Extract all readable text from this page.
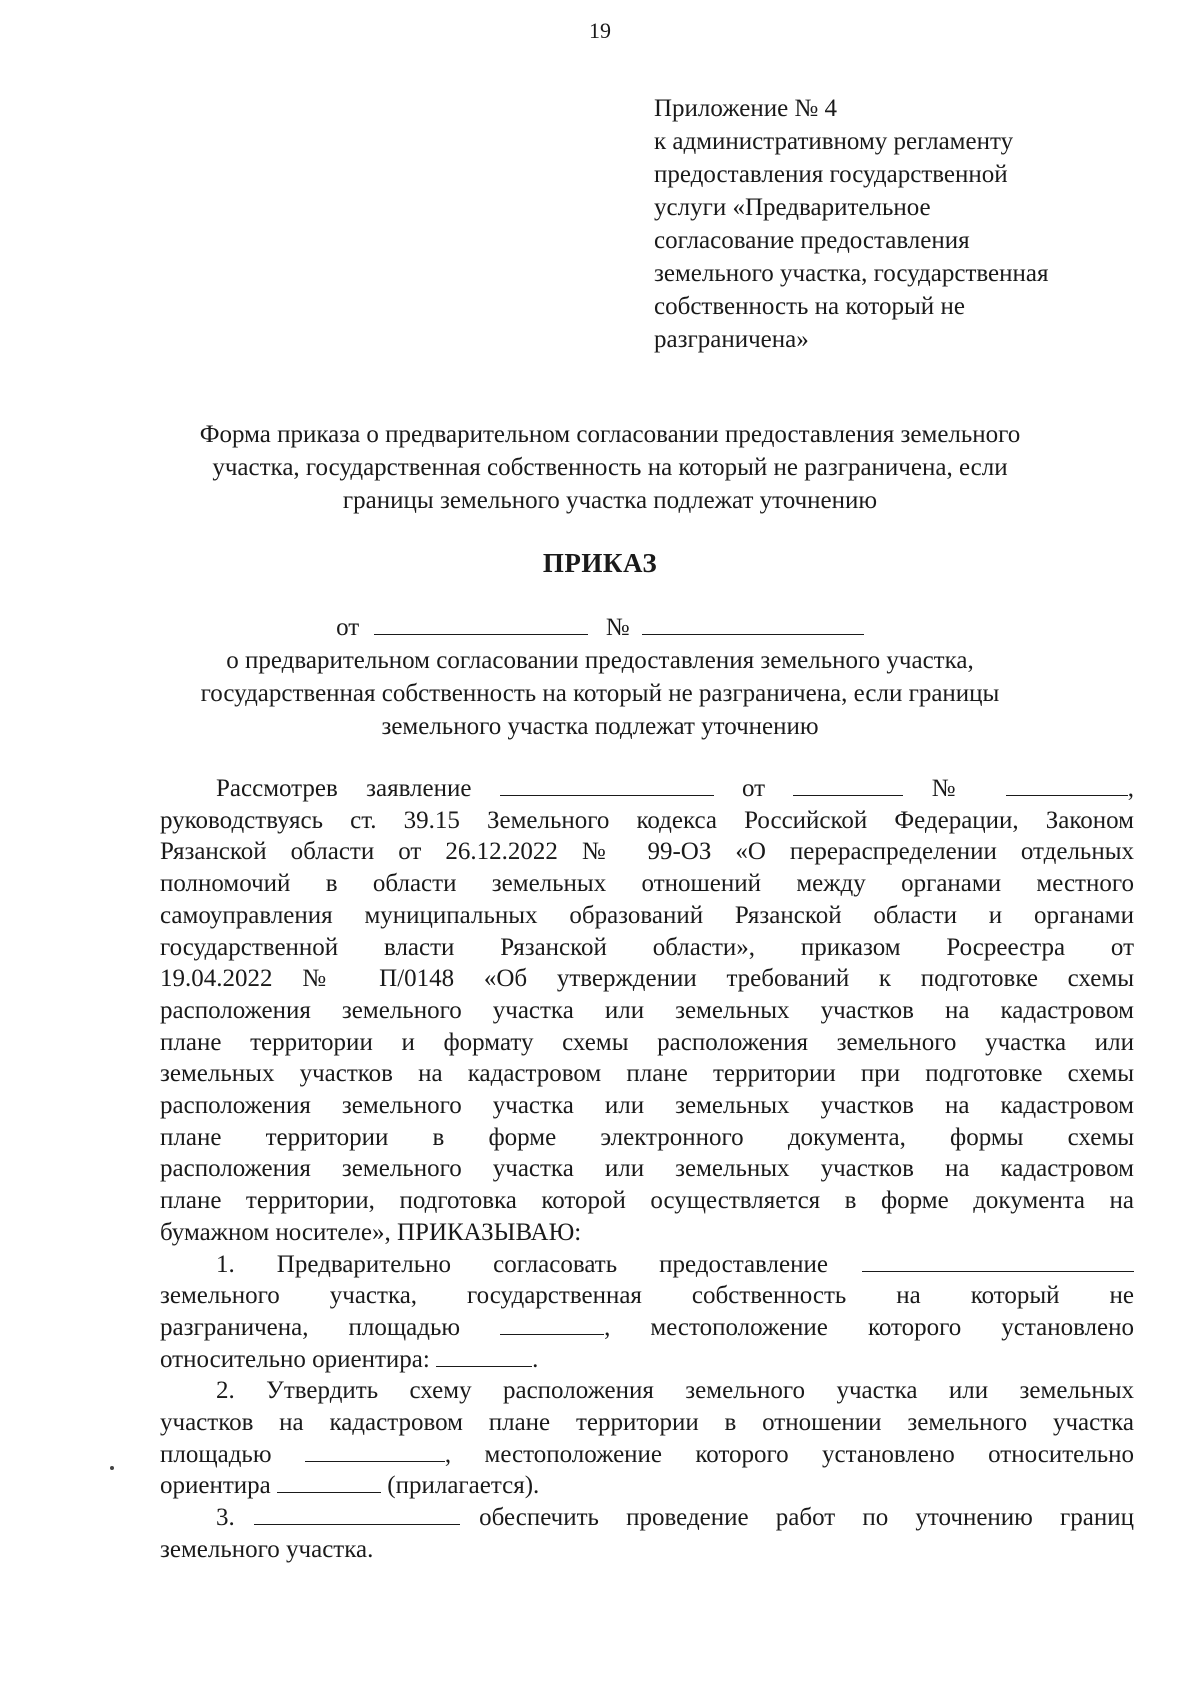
19
Приложение № 4
к административному регламенту
предоставления государственной
услуги «Предварительное
согласование предоставления
земельного участка, государственная
собственность на который не
разграничена»
Форма приказа о предварительном согласовании предоставления земельного
участка, государственная собственность на который не разграничена, если
границы земельного участка подлежат уточнению
ПРИКАЗ
от	№
о предварительном согласовании предоставления земельного участка,
государственная собственность на который не разграничена, если границы
земельного участка подлежат уточнению
Рассмотрев заявление	от	№	,
руководствуясь ст. 39.15 Земельного кодекса Российской Федерации, Законом
Рязанской области от 26.12.2022 № 99-ОЗ «О перераспределении отдельных
полномочий в области земельных отношений между органами местного
самоуправления муниципальных образований Рязанской области и органами
государственной власти Рязанской области», приказом Росреестра от
19.04.2022 № П/0148 «Об утверждении требований к подготовке схемы
расположения земельного участка или земельных участков на кадастровом
плане территории и формату схемы расположения земельного участка или
земельных участков на кадастровом плане территории при подготовке схемы
расположения земельного участка или земельных участков на кадастровом
плане территории в форме электронного документа, формы схемы
расположения земельного участка или земельных участков на кадастровом
плане территории, подготовка которой осуществляется в форме документа на
бумажном носителе», ПРИКАЗЫВАЮ:
1. Предварительно согласовать предоставление
земельного участка, государственная собственность на который не
разграничена, площадью	, местоположение которого установлено
относительно ориентира:	.
2. Утвердить схему расположения земельного участка или земельных
участков на кадастровом плане территории в отношении земельного участка
площадью	, местоположение которого установлено относительно
ориентира	(прилагается).
3.	обеспечить проведение работ по уточнению границ
земельного участка.
